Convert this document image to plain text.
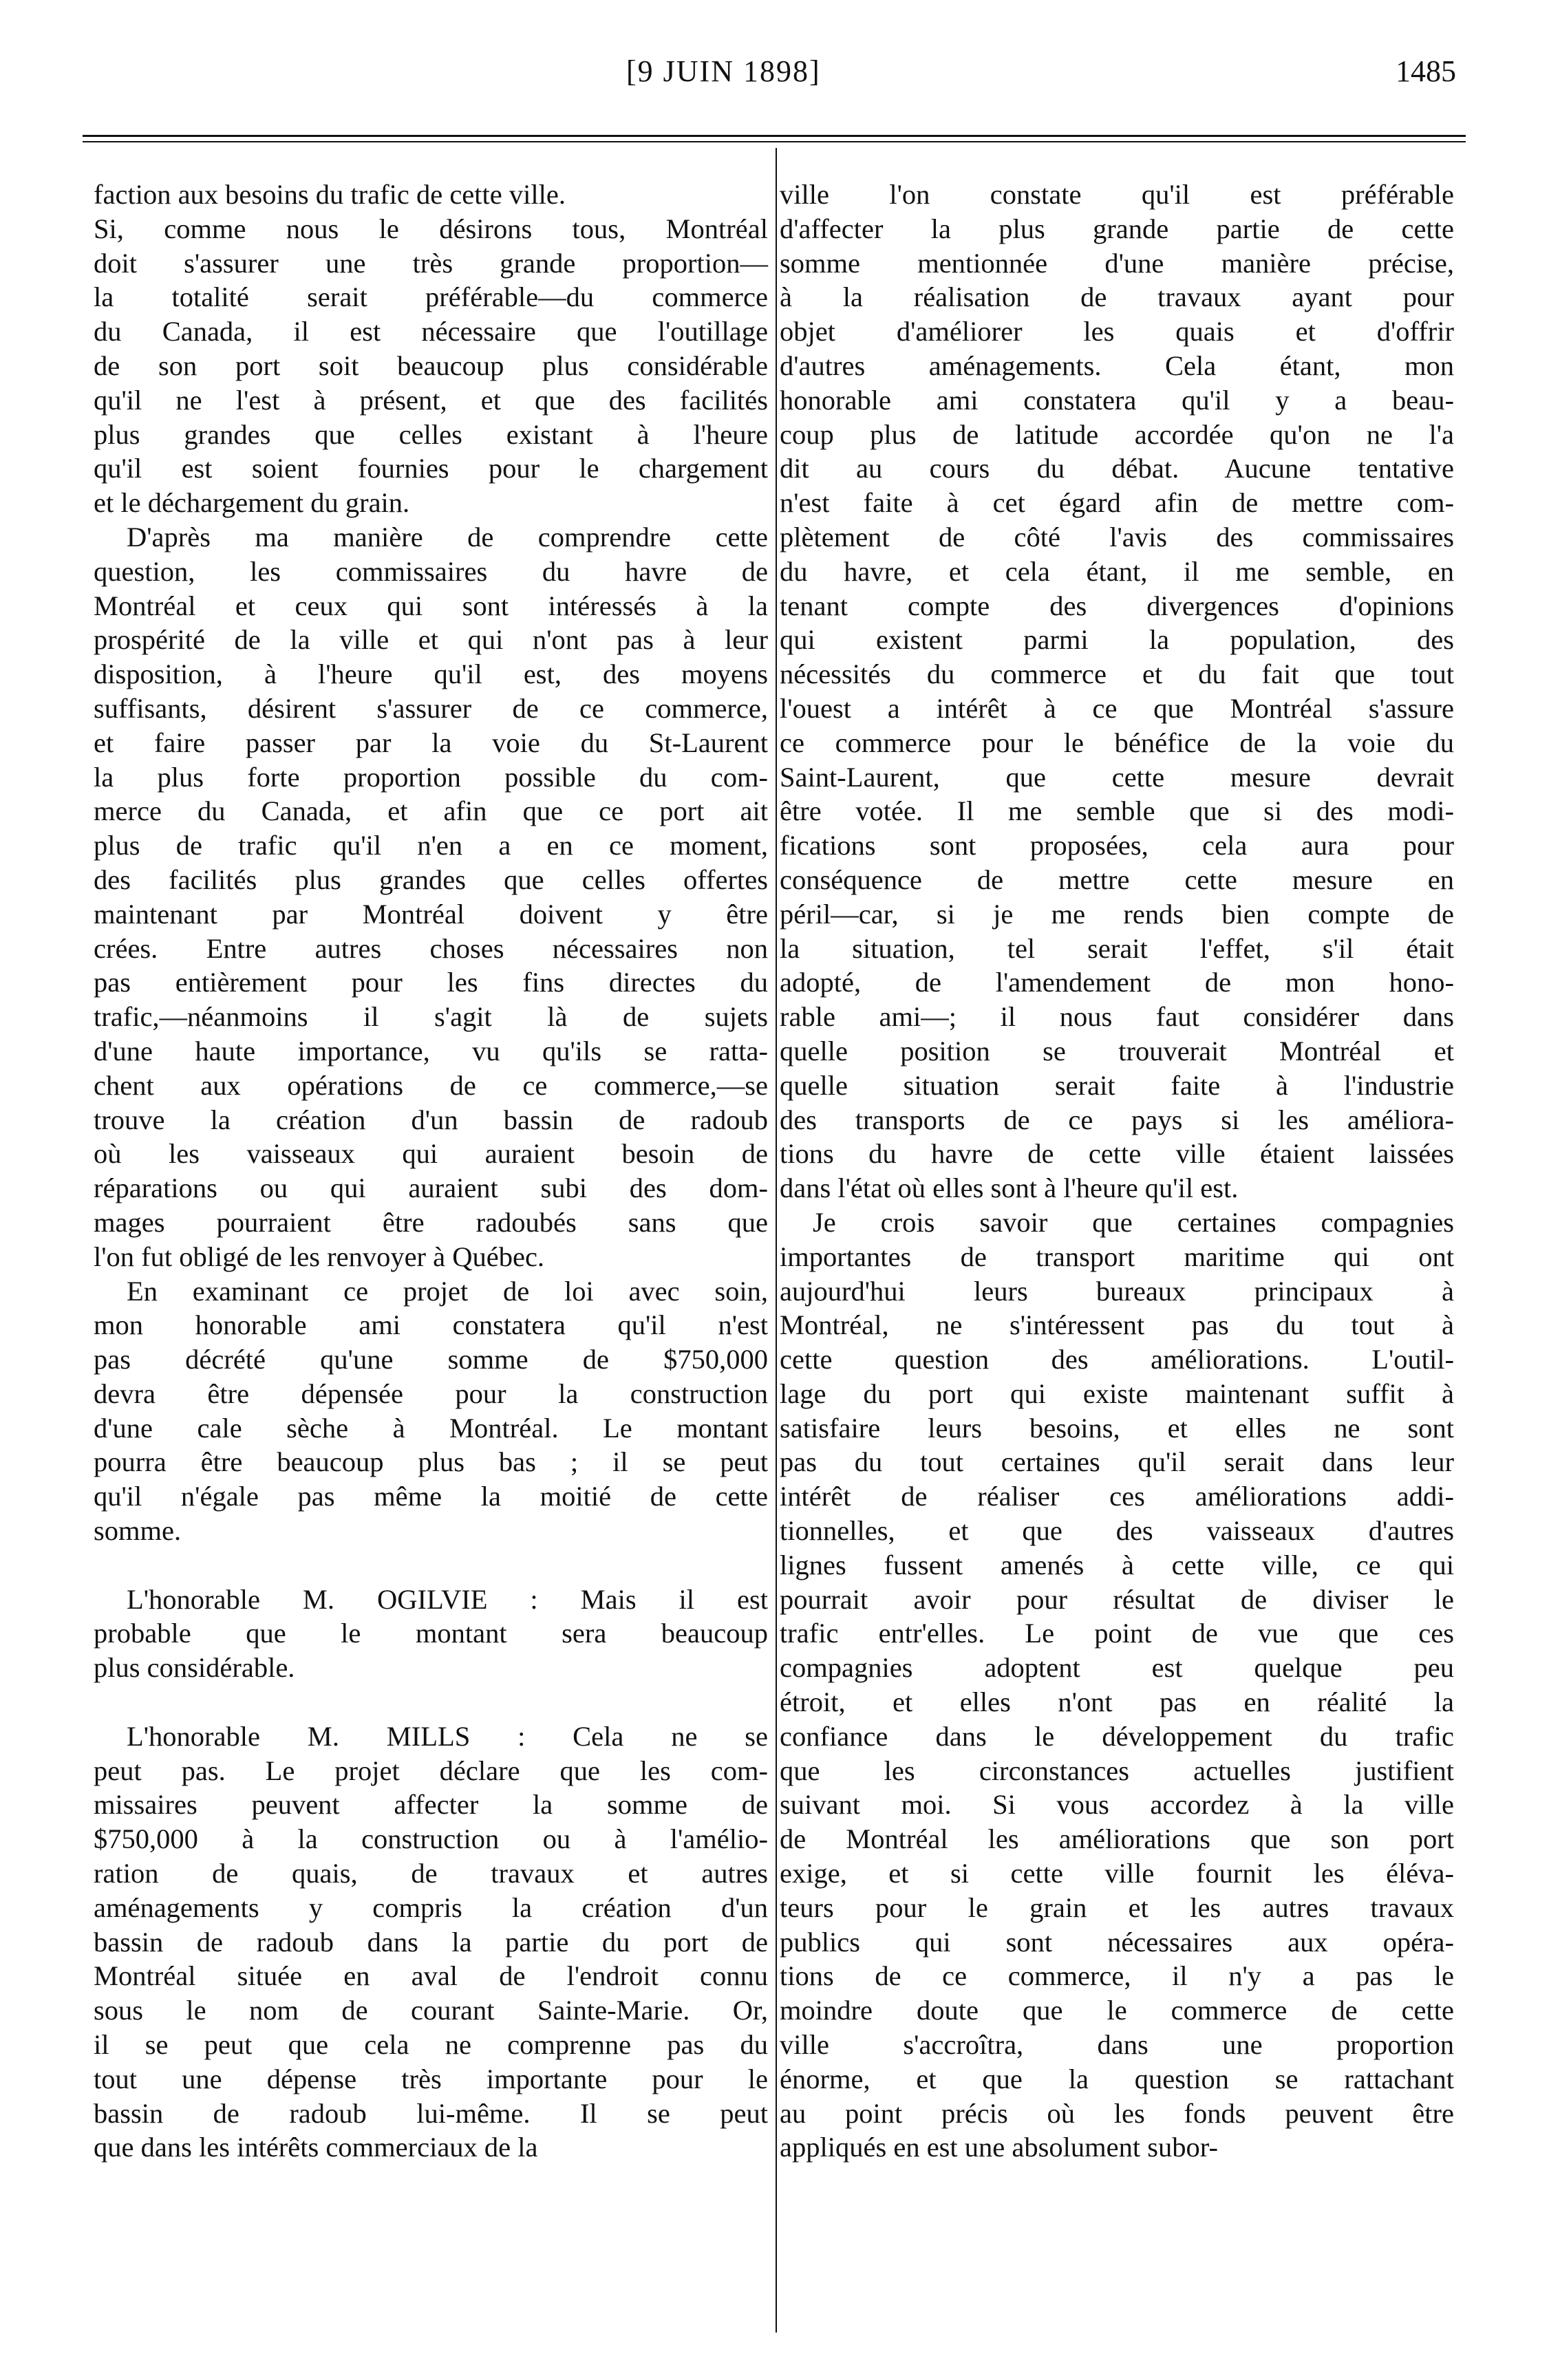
[9 JUIN 1898]	1485

faction aux besoins du trafic de cette ville.

Si, comme nous le désirons tous, Montréal

doit s'assurer une très grande proportion—

la totalité serait préférable—du commerce

du Canada, il est nécessaire que l'outillage

de son port soit beaucoup plus considérable

qu'il ne l'est à présent, et que des facilités

plus grandes que celles existant à l'heure

qu'il est soient fournies pour le chargement

et le déchargement du grain.

D'après ma manière de comprendre cette

question, les commissaires du havre de

Montréal et ceux qui sont intéressés à la

prospérité de la ville et qui n'ont pas à leur

disposition, à l'heure qu'il est, des moyens

suffisants, désirent s'assurer de ce commerce,

et faire passer par la voie du St-Laurent

la plus forte proportion possible du com-

merce du Canada, et afin que ce port ait

plus de trafic qu'il n'en a en ce moment,

des facilités plus grandes que celles offertes

maintenant par Montréal doivent y être

crées. Entre autres choses nécessaires non

pas entièrement pour les fins directes du

trafic,—néanmoins il s'agit là de sujets

d'une haute importance, vu qu'ils se ratta-

chent aux opérations de ce commerce,—se

trouve la création d'un bassin de radoub

où les vaisseaux qui auraient besoin de

réparations ou qui auraient subi des dom-

mages pourraient être radoubés sans que

l'on fut obligé de les renvoyer à Québec.

En examinant ce projet de loi avec soin,

mon honorable ami constatera qu'il n'est

pas décrété qu'une somme de $750,000

devra être dépensée pour la construction

d'une cale sèche à Montréal. Le montant

pourra être beaucoup plus bas ; il se peut

qu'il n'égale pas même la moitié de cette

somme.

L'honorable M. OGILVIE : Mais il est

probable que le montant sera beaucoup

plus considérable.

L'honorable M. MILLS : Cela ne se

peut pas. Le projet déclare que les com-

missaires peuvent affecter la somme de

$750,000 à la construction ou à l'amélio-

ration de quais, de travaux et autres

aménagements y compris la création d'un

bassin de radoub dans la partie du port de

Montréal située en aval de l'endroit connu

sous le nom de courant Sainte-Marie. Or,

il se peut que cela ne comprenne pas du

tout une dépense très importante pour le

bassin de radoub lui-même. Il se peut

que dans les intérêts commerciaux de la

ville l'on constate qu'il est préférable

d'affecter la plus grande partie de cette

somme mentionnée d'une manière précise,

à la réalisation de travaux ayant pour

objet d'améliorer les quais et d'offrir

d'autres aménagements. Cela étant, mon

honorable ami constatera qu'il y a beau-

coup plus de latitude accordée qu'on ne l'a

dit au cours du débat. Aucune tentative

n'est faite à cet égard afin de mettre com-

plètement de côté l'avis des commissaires

du havre, et cela étant, il me semble, en

tenant compte des divergences d'opinions

qui existent parmi la population, des

nécessités du commerce et du fait que tout

l'ouest a intérêt à ce que Montréal s'assure

ce commerce pour le bénéfice de la voie du

Saint-Laurent, que cette mesure devrait

être votée. Il me semble que si des modi-

fications sont proposées, cela aura pour

conséquence de mettre cette mesure en

péril—car, si je me rends bien compte de

la situation, tel serait l'effet, s'il était

adopté, de l'amendement de mon hono-

rable ami—; il nous faut considérer dans

quelle position se trouverait Montréal et

quelle situation serait faite à l'industrie

des transports de ce pays si les améliora-

tions du havre de cette ville étaient laissées

dans l'état où elles sont à l'heure qu'il est.

Je crois savoir que certaines compagnies

importantes de transport maritime qui ont

aujourd'hui leurs bureaux principaux à

Montréal, ne s'intéressent pas du tout à

cette question des améliorations. L'outil-

lage du port qui existe maintenant suffit à

satisfaire leurs besoins, et elles ne sont

pas du tout certaines qu'il serait dans leur

intérêt de réaliser ces améliorations addi-

tionnelles, et que des vaisseaux d'autres

lignes fussent amenés à cette ville, ce qui

pourrait avoir pour résultat de diviser le

trafic entr'elles. Le point de vue que ces

compagnies adoptent est quelque peu

étroit, et elles n'ont pas en réalité la

confiance dans le développement du trafic

que les circonstances actuelles justifient

suivant moi. Si vous accordez à la ville

de Montréal les améliorations que son port

exige, et si cette ville fournit les éléva-

teurs pour le grain et les autres travaux

publics qui sont nécessaires aux opéra-

tions de ce commerce, il n'y a pas le

moindre doute que le commerce de cette

ville s'accroîtra, dans une proportion

énorme, et que la question se rattachant

au point précis où les fonds peuvent être

appliqués en est une absolument subor-
